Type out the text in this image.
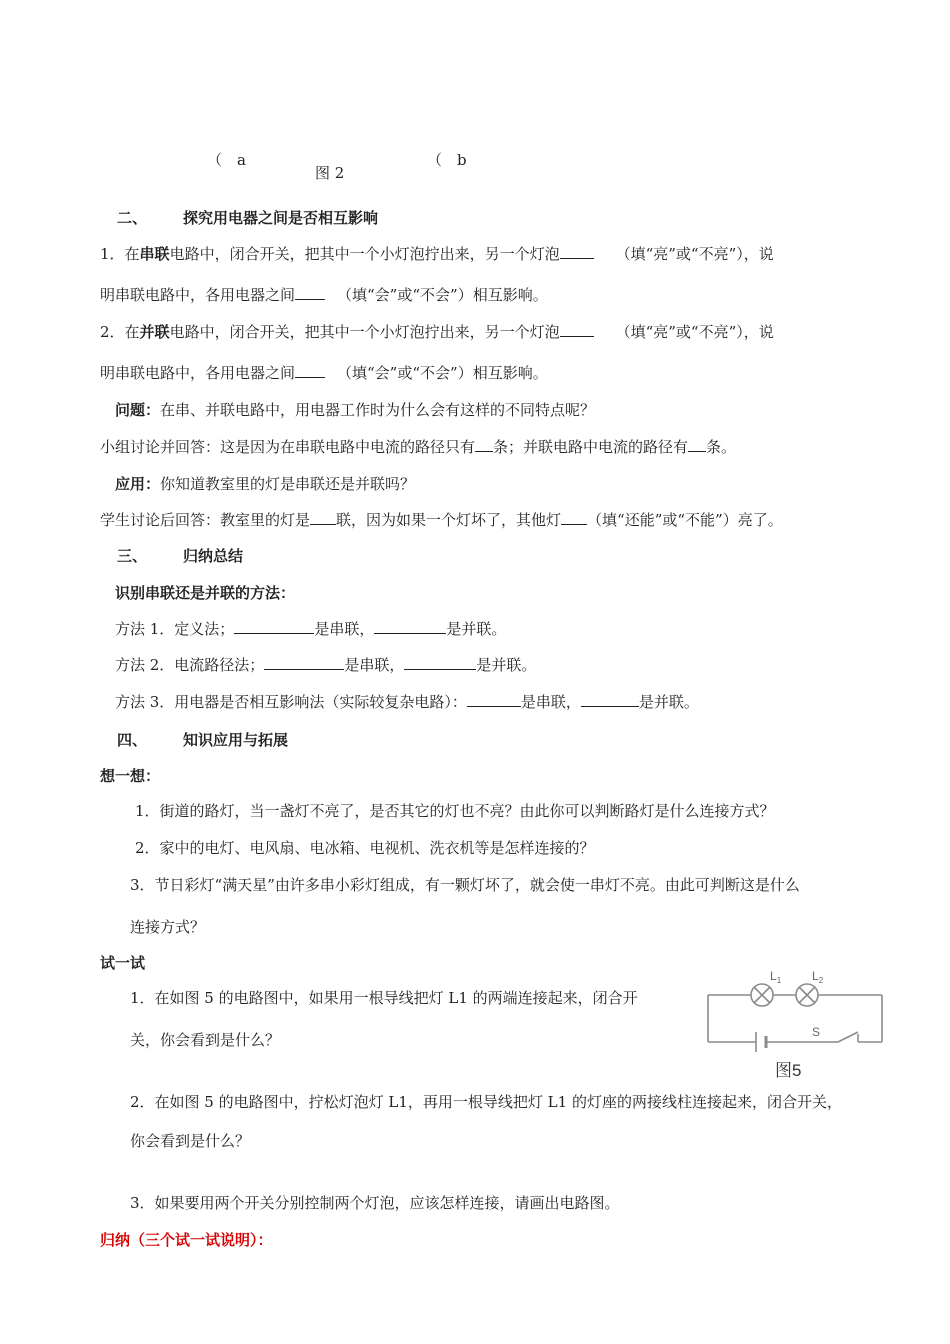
（　a	（　b
图 2
二、 探究用电器之间是否相互影响
1．在串联电路中，闭合开关，把其中一个小灯泡拧出来，另一个灯泡	（填“亮”或“不亮”），说
明串联电路中，各用电器之间	（填“会”或“不会”）相互影响。
2．在并联电路中，闭合开关，把其中一个小灯泡拧出来，另一个灯泡	（填“亮”或“不亮”），说
明串联电路中，各用电器之间	（填“会”或“不会”）相互影响。
问题：在串、并联电路中，用电器工作时为什么会有这样的不同特点呢？
小组讨论并回答：这是因为在串联电路中电流的路径只有 条；并联电路中电流的路径有 条。
应用：你知道教室里的灯是串联还是并联吗？
学生讨论后回答：教室里的灯是 联，因为如果一个灯坏了，其他灯 （填“还能”或“不能”）亮了。
三、 归纳总结
识别串联还是并联的方法：
方法 1．定义法；	是串联，	是并联。
方法 2．电流路径法；	是串联，	是并联。
方法 3．用电器是否相互影响法（实际较复杂电路）：	是串联，	是并联。
四、 知识应用与拓展
想一想：
1．街道的路灯，当一盏灯不亮了，是否其它的灯也不亮？由此你可以判断路灯是什么连接方式？
2．家中的电灯、电风扇、电冰箱、电视机、洗衣机等是怎样连接的？
3．节日彩灯“满天星”由许多串小彩灯组成，有一颗灯坏了，就会使一串灯不亮。由此可判断这是什么
连接方式？
试一试
1．在如图 5 的电路图中，如果用一根导线把灯 L1 的两端连接起来，闭合开
关，你会看到是什么？
2．在如图 5 的电路图中，拧松灯泡灯 L1，再用一根导线把灯 L1 的灯座的两接线柱连接起来，闭合开关，
你会看到是什么？
3．如果要用两个开关分别控制两个灯泡，应该怎样连接，请画出电路图。
归纳（三个试一试说明）：
$L_1$	$L_2$
S
图5
